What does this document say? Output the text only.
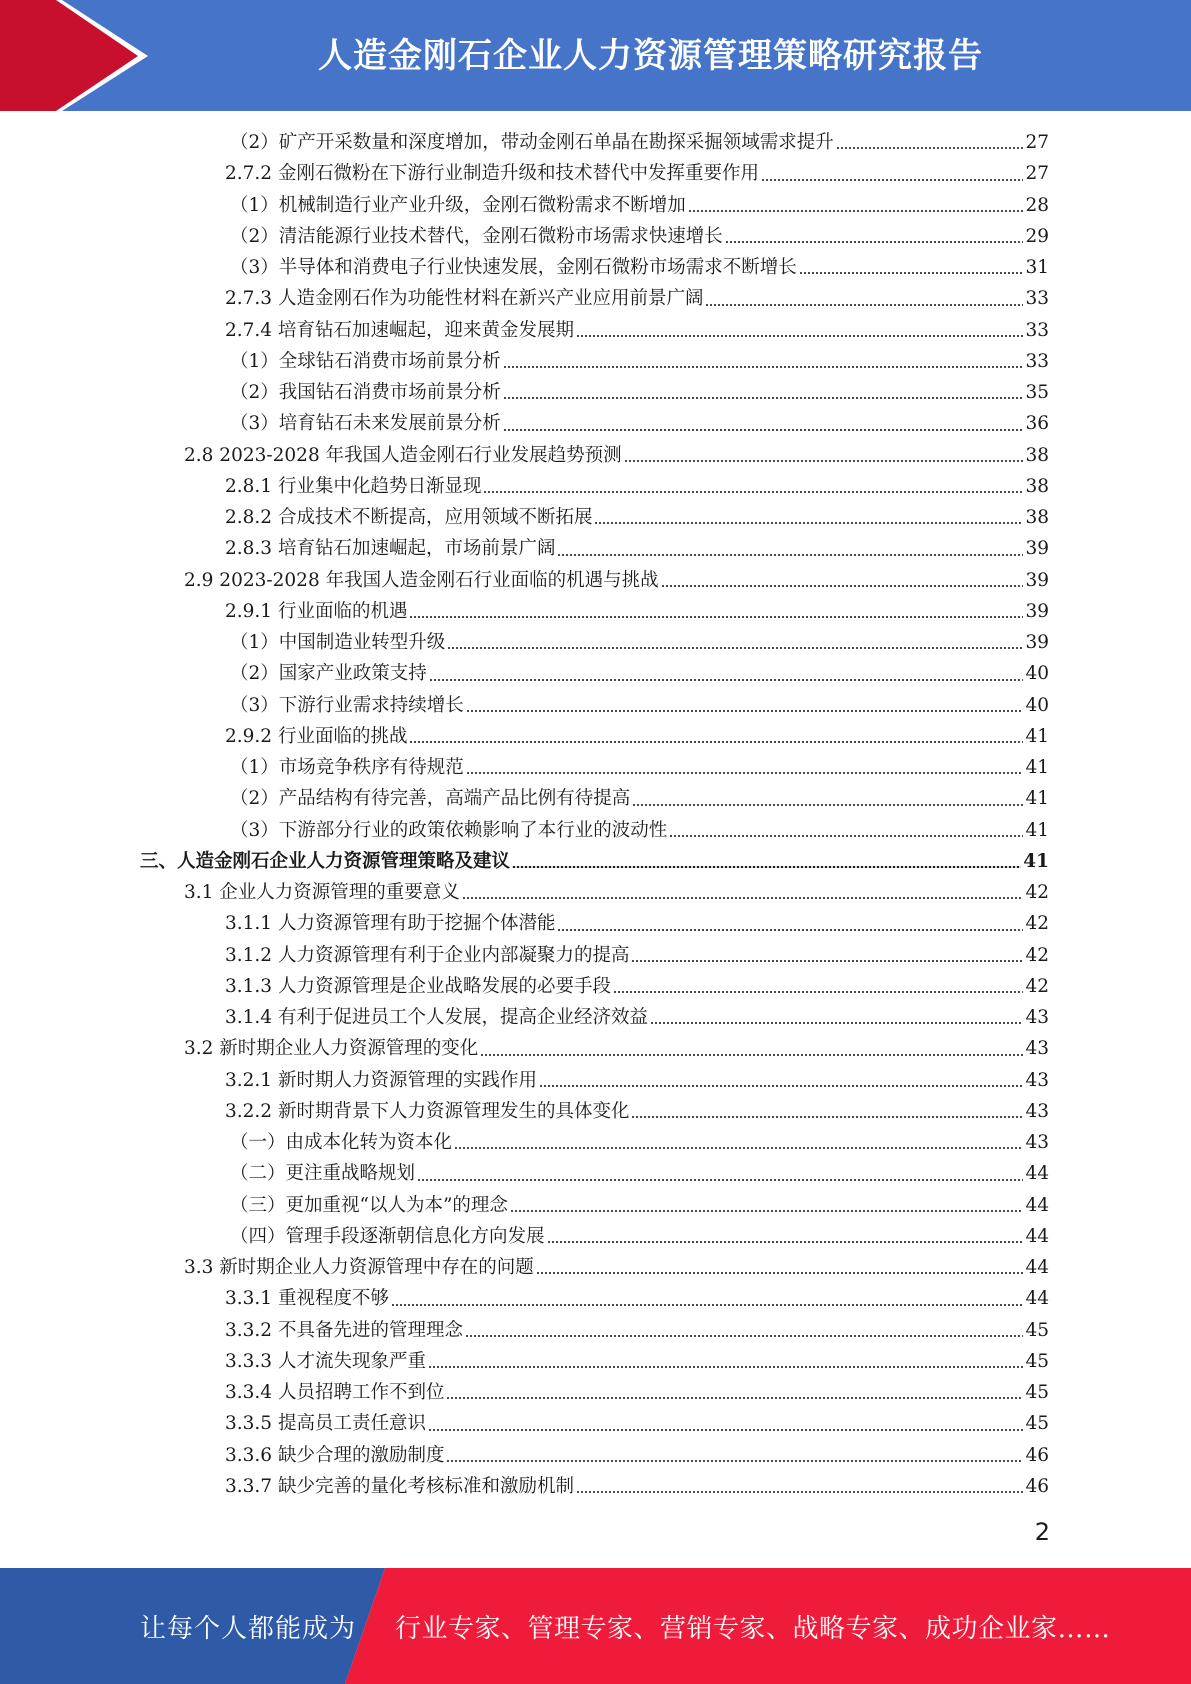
人造金刚石企业人力资源管理策略研究报告
（2）矿产开采数量和深度增加，带动金刚石单晶在勘探采掘领域需求提升	27
2.7.2 金刚石微粉在下游行业制造升级和技术替代中发挥重要作用	27
（1）机械制造行业产业升级，金刚石微粉需求不断增加	28
（2）清洁能源行业技术替代，金刚石微粉市场需求快速增长	29
（3）半导体和消费电子行业快速发展，金刚石微粉市场需求不断增长	31
2.7.3 人造金刚石作为功能性材料在新兴产业应用前景广阔	33
2.7.4 培育钻石加速崛起，迎来黄金发展期	33
（1）全球钻石消费市场前景分析	33
（2）我国钻石消费市场前景分析	35
（3）培育钻石未来发展前景分析	36
2.8 2023-2028 年我国人造金刚石行业发展趋势预测	38
2.8.1 行业集中化趋势日渐显现	38
2.8.2 合成技术不断提高，应用领域不断拓展	38
2.8.3 培育钻石加速崛起，市场前景广阔	39
2.9 2023-2028 年我国人造金刚石行业面临的机遇与挑战	39
2.9.1 行业面临的机遇	39
（1）中国制造业转型升级	39
（2）国家产业政策支持	40
（3）下游行业需求持续增长	40
2.9.2 行业面临的挑战	41
（1）市场竞争秩序有待规范	41
（2）产品结构有待完善，高端产品比例有待提高	41
（3）下游部分行业的政策依赖影响了本行业的波动性	41
三、人造金刚石企业人力资源管理策略及建议	41
3.1 企业人力资源管理的重要意义	42
3.1.1 人力资源管理有助于挖掘个体潜能	42
3.1.2 人力资源管理有利于企业内部凝聚力的提高	42
3.1.3 人力资源管理是企业战略发展的必要手段	42
3.1.4 有利于促进员工个人发展，提高企业经济效益	43
3.2 新时期企业人力资源管理的变化	43
3.2.1 新时期人力资源管理的实践作用	43
3.2.2 新时期背景下人力资源管理发生的具体变化	43
（一）由成本化转为资本化	43
（二）更注重战略规划	44
（三）更加重视“以人为本”的理念	44
（四）管理手段逐渐朝信息化方向发展	44
3.3 新时期企业人力资源管理中存在的问题	44
3.3.1 重视程度不够	44
3.3.2 不具备先进的管理理念	45
3.3.3 人才流失现象严重	45
3.3.4 人员招聘工作不到位	45
3.3.5 提高员工责任意识	45
3.3.6 缺少合理的激励制度	46
3.3.7 缺少完善的量化考核标准和激励机制	46
2
让每个人都能成为 行业专家、管理专家、营销专家、战略专家、成功企业家……
